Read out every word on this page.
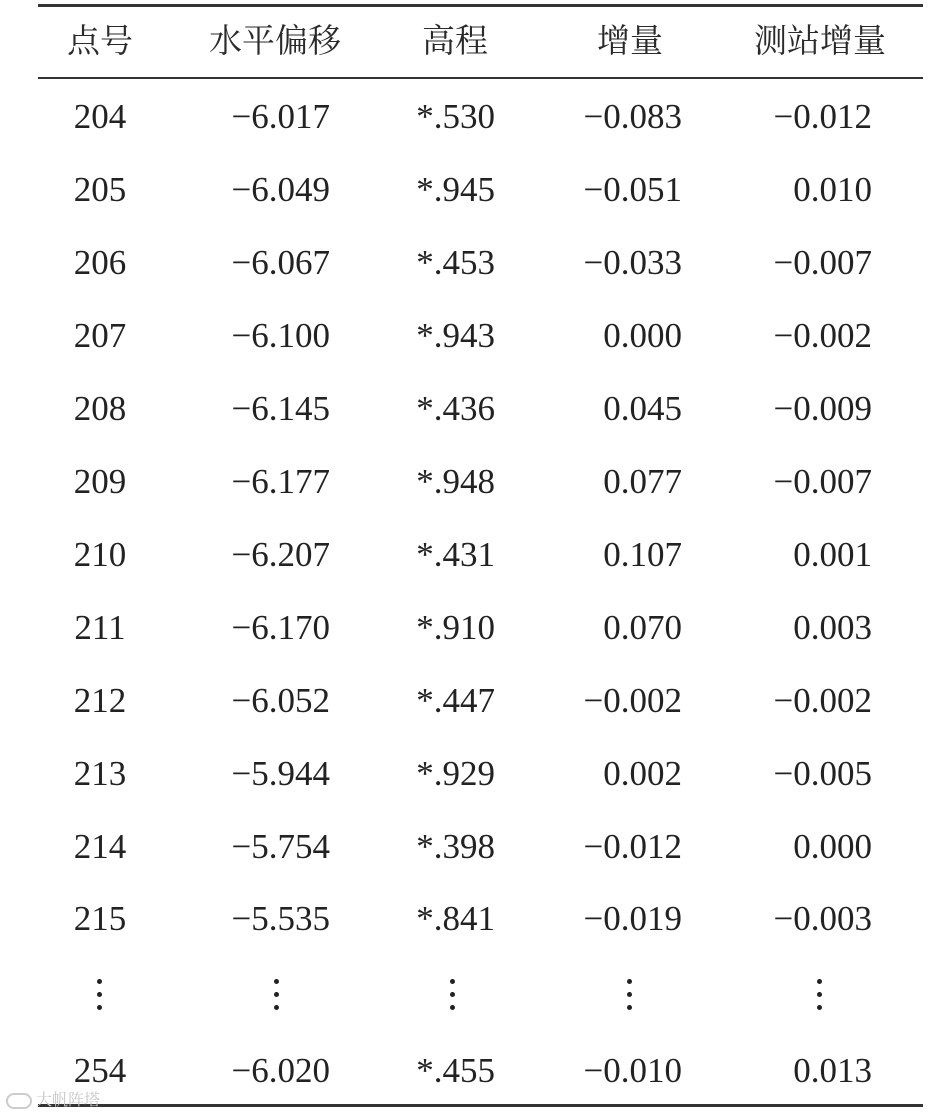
点号	水平偏移	高程	增量	测站增量
204	−6.017	*.530	−0.083	−0.012
205	−6.049	*.945	−0.051	0.010
206	−6.067	*.453	−0.033	−0.007
207	−6.100	*.943	0.000	−0.002
208	−6.145	*.436	0.045	−0.009
209	−6.177	*.948	0.077	−0.007
210	−6.207	*.431	0.107	0.001
211	−6.170	*.910	0.070	0.003
212	−6.052	*.447	−0.002	−0.002
213	−5.944	*.929	0.002	−0.005
214	−5.754	*.398	−0.012	0.000
215	−5.535	*.841	−0.019	−0.003
254	−6.020	*.455	−0.010	0.013
大帆阵塔
